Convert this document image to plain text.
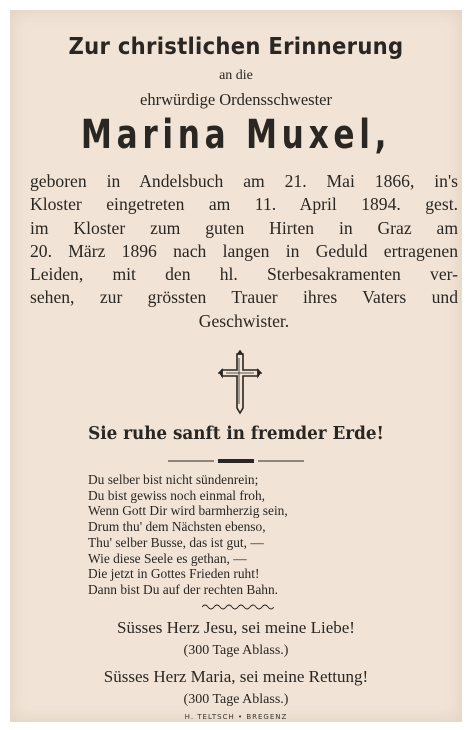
Zur christlichen Erinnerung
an die
ehrwürdige Ordensschwester
Marina Muxel,
geboren in Andelsbuch am 21. Mai 1866, in's
Kloster eingetreten am 11. April 1894. gest.
im Kloster zum guten Hirten in Graz am
20. März 1896 nach langen in Geduld ertragenen
Leiden, mit den hl. Sterbesakramenten ver-
sehen, zur grössten Trauer ihres Vaters und
Geschwister.
Sie ruhe sanft in fremder Erde!
Du selber bist nicht sündenrein;
Du bist gewiss noch einmal froh,
Wenn Gott Dir wird barmherzig sein,
Drum thu' dem Nächsten ebenso,
Thu' selber Busse, das ist gut, —
Wie diese Seele es gethan, —
Die jetzt in Gottes Frieden ruht!
Dann bist Du auf der rechten Bahn.
Süsses Herz Jesu, sei meine Liebe!
(300 Tage Ablass.)
Süsses Herz Maria, sei meine Rettung!
(300 Tage Ablass.)
H. TELTSCH • BREGENZ
